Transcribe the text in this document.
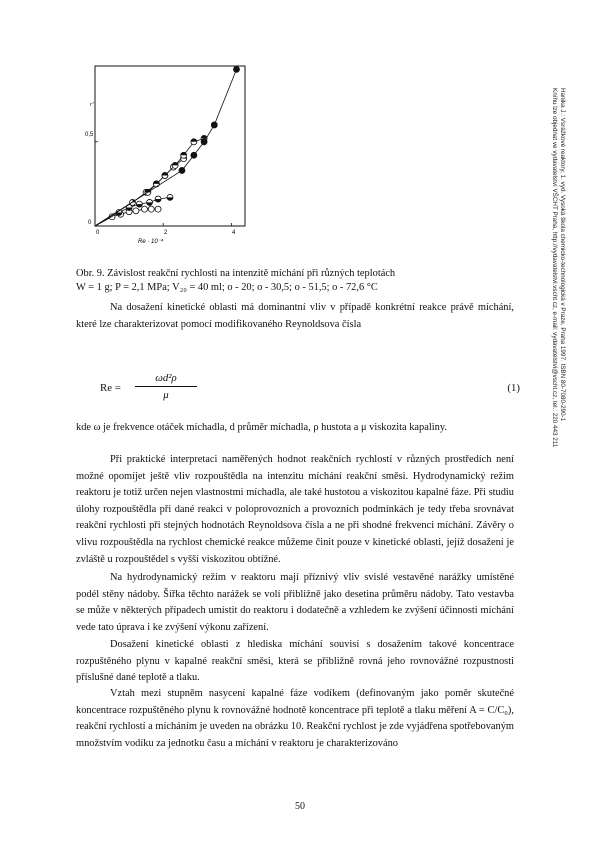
r′
0,5
0
0	2	4
Re · 10⁻⁴
Obr. 9. Závislost reakční rychlosti na intenzitě míchání při různých teplotách
W = 1 g; P = 2,1 MPa; V₂₀ = 40 ml; o - 20; o - 30,5; o - 51,5; o - 72,6 °C
Na dosažení kinetické oblasti má dominantní vliv v případě konkrétní reakce právě míchání, které lze charakterizovat pomocí modifikovaného Reynoldsova čísla
$Re = \frac{\text{ωd²ρ}}{\mu}$	(1)
kde ω je frekvence otáček míchadla, d průměr míchadla, ρ hustota a μ viskozita kapaliny.
Při praktické interpretaci naměřených hodnot reakčních rychlostí v různých prostředích není možné opomíjet ještě vliv rozpouštědla na intenzitu míchání reakční směsi. Hydrodynamický režim reaktoru je totiž určen nejen vlastnostmi míchadla, ale také hustotou a viskozitou kapalné fáze. Při studiu úlohy rozpouštědla při dané reakci v poloprovozních a provozních podmínkách je tedy třeba srovnávat reakční rychlosti při stejných hodnotách Reynoldsova čísla a ne při shodné frekvenci míchání. Závěry o vlivu rozpouštědla na rychlost chemické reakce můžeme činit pouze v kinetické oblasti, jejíž dosažení je zvláště u rozpouštědel s vyšší viskozitou obtížné.
Na hydrodynamický režim v reaktoru mají příznivý vliv svislé vestavěné narážky umístěné podél stěny nádoby. Šířka těchto narážek se volí přibližně jako desetina průměru nádoby. Tato vestavba se může v některých případech umístit do reaktoru i dodatečně a vzhledem ke zvýšení účinnosti míchání vede tato úprava i ke zvýšení výkonu zařízení.
Dosažení kinetické oblasti z hlediska míchání souvisí s dosažením takové koncentrace rozpuštěného plynu v kapalné reakční směsi, která se přibližně rovná jeho rovnovážné rozpustnosti příslušné dané teplotě a tlaku.
Vztah mezi stupněm nasycení kapalné fáze vodíkem (definovaným jako poměr skutečné koncentrace rozpuštěného plynu k rovnovážné hodnotě koncentrace při teplotě a tlaku měření A = C/C₀), reakční rychlostí a mícháním je uveden na obrázku 10. Reakční rychlost je zde vyjádřena spotřebovaným množstvím vodíku za jednotku času a míchání v reaktoru je charakterizováno
50
Hanika J.: Vsrážkové reaktory, 1. vyd. Vysoká škola chemicko-technologická v Praze, Praha 1997. ISBN 80-7080-290-1
Kníhu lze objednat ve vydavatelství VŠCHT Praha, http://vydavatelstvi.vscht.cz, e-mail: vydavatelstvi@vscht.cz, tel.: 220 443 211
